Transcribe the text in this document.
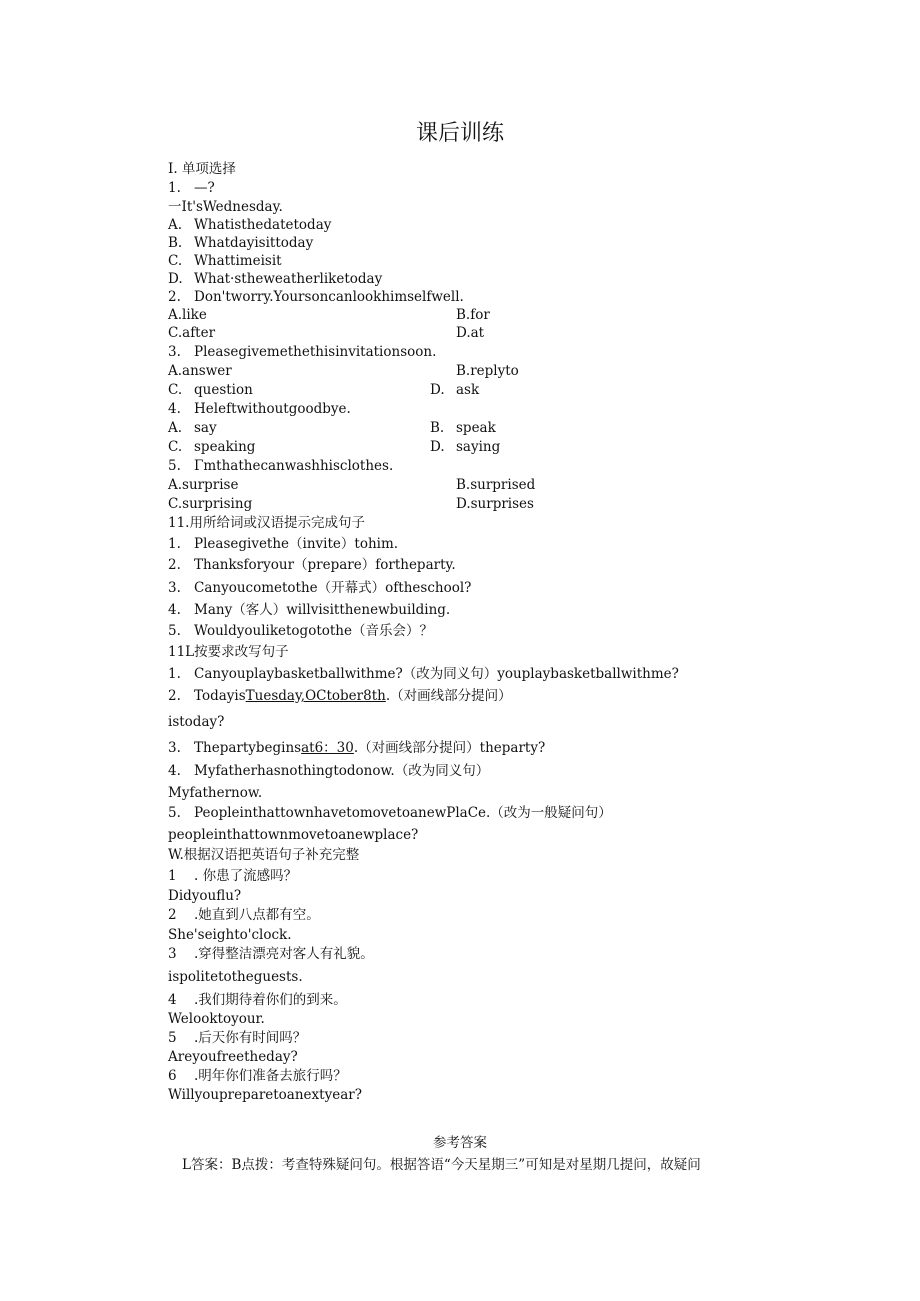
课后训练
I. 单项选择
1. —?
一It'sWednesday.
A. Whatisthedatetoday
B. Whatdayisittoday
C. Whattimeisit
D. What·stheweatherliketoday
2. Don'tworry.Yoursoncanlookhimselfwell.
A.like	B.for
C.after	D.at
3. Pleasegivemethethisinvitationsoon.
A.answer	B.replyto
C. question	D. ask
4. Heleftwithoutgoodbye.
A. say	B. speak
C. speaking	D. saying
5. Γmthathecanwashhisclothes.
A.surprise	B.surprised
C.surprising	D.surprises
11.用所给词或汉语提示完成句子
1. Pleasegivethe（invite）tohim.
2. Thanksforyour（prepare）fortheparty.
3. Canyoucometothe（开幕式）oftheschool?
4. Many（客人）willvisitthenewbuilding.
5. Wouldyouliketogotothe（音乐会）？
11L按要求改写句子
1. Canyouplaybasketballwithme?（改为同义句）youplaybasketballwithme?
2. TodayisTuesday,OCtober8th.（对画线部分提问）
istoday?
3. Thepartybeginsat6：30.（对画线部分提问）theparty?
4. Myfatherhasnothingtodonow.（改为同义句）
Myfathernow.
5. PeopleinthattownhavetomovetoanewPlaCe.（改为一般疑问句）
peopleinthattownmovetoanewplace?
W.根据汉语把英语句子补充完整
1 . 你患了流感吗？
Didyouflu?
2 .她直到八点都有空。
She'seighto'clock.
3 .穿得整洁漂亮对客人有礼貌。
ispolitetotheguests.
4 .我们期待着你们的到来。
Welooktoyour.
5 .后天你有时间吗？
Areyoufreetheday?
6 .明年你们准备去旅行吗？
Willyoupreparetoanextyear?
参考答案
L答案：B点拨：考查特殊疑问句。根据答语“今天星期三”可知是对星期几提问，故疑问
